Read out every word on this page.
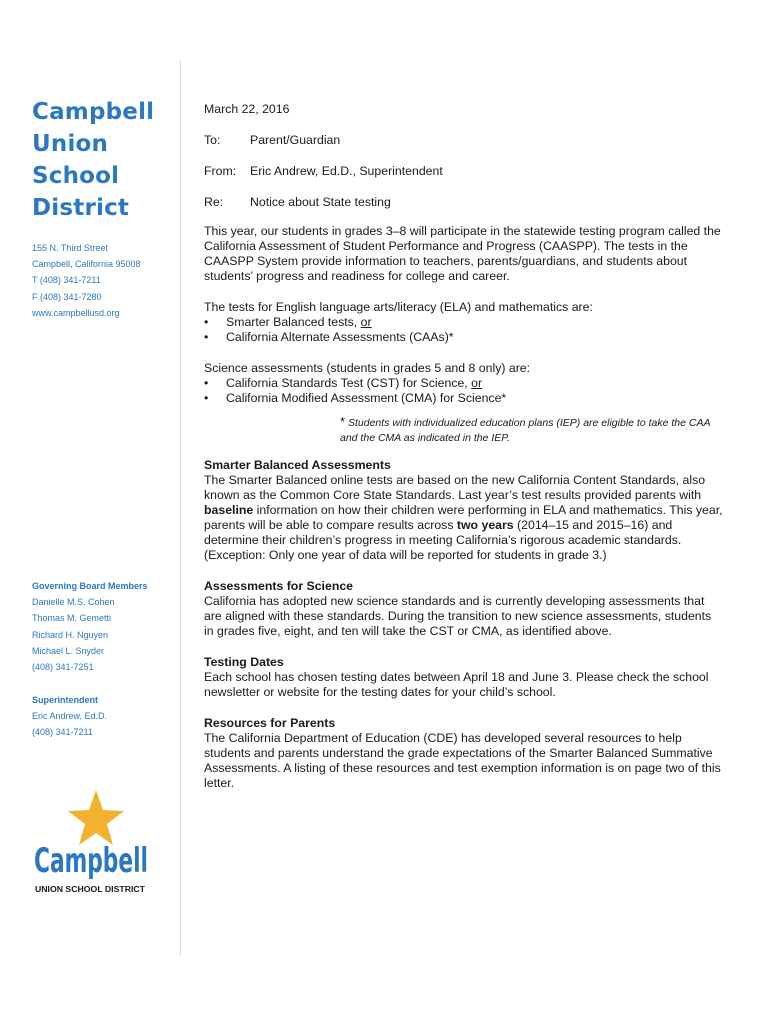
Campbell
Union
School
District
155 N. Third Street
Campbell, California 95008
T (408) 341-7211
F (408) 341-7280
www.campbellusd.org
Governing Board Members
Danielle M.S. Cohen
Thomas M. Gemetti
Richard H. Nguyen
Michael L. Snyder
(408) 341-7251
Superintendent
Eric Andrew, Ed.D.
(408) 341-7211
Campbell
UNION SCHOOL DISTRICT

March 22, 2016

To:	Parent/Guardian
From:	Eric Andrew, Ed.D., Superintendent
Re:	Notice about State testing

This year, our students in grades 3–8 will participate in the statewide testing program called the California Assessment of Student Performance and Progress (CAASPP). The tests in the CAASPP System provide information to teachers, parents/guardians, and students about students’ progress and readiness for college and career.

The tests for English language arts/literacy (ELA) and mathematics are:

•	Smarter Balanced tests, or
•	California Alternate Assessments (CAAs)*

Science assessments (students in grades 5 and 8 only) are:

•	California Standards Test (CST) for Science, or
•	California Modified Assessment (CMA) for Science*

* Students with individualized education plans (IEP) are eligible to take the CAA and the CMA as indicated in the IEP.

Smarter Balanced Assessments

The Smarter Balanced online tests are based on the new California Content Standards, also known as the Common Core State Standards. Last year’s test results provided parents with baseline information on how their children were performing in ELA and mathematics. This year, parents will be able to compare results across two years (2014–15 and 2015–16) and determine their children’s progress in meeting California’s rigorous academic standards. (Exception: Only one year of data will be reported for students in grade 3.)

Assessments for Science

California has adopted new science standards and is currently developing assessments that are aligned with these standards. During the transition to new science assessments, students in grades five, eight, and ten will take the CST or CMA, as identified above.

Testing Dates

Each school has chosen testing dates between April 18 and June 3. Please check the school newsletter or website for the testing dates for your child’s school.

Resources for Parents

The California Department of Education (CDE) has developed several resources to help students and parents understand the grade expectations of the Smarter Balanced Summative Assessments. A listing of these resources and test exemption information is on page two of this letter.
